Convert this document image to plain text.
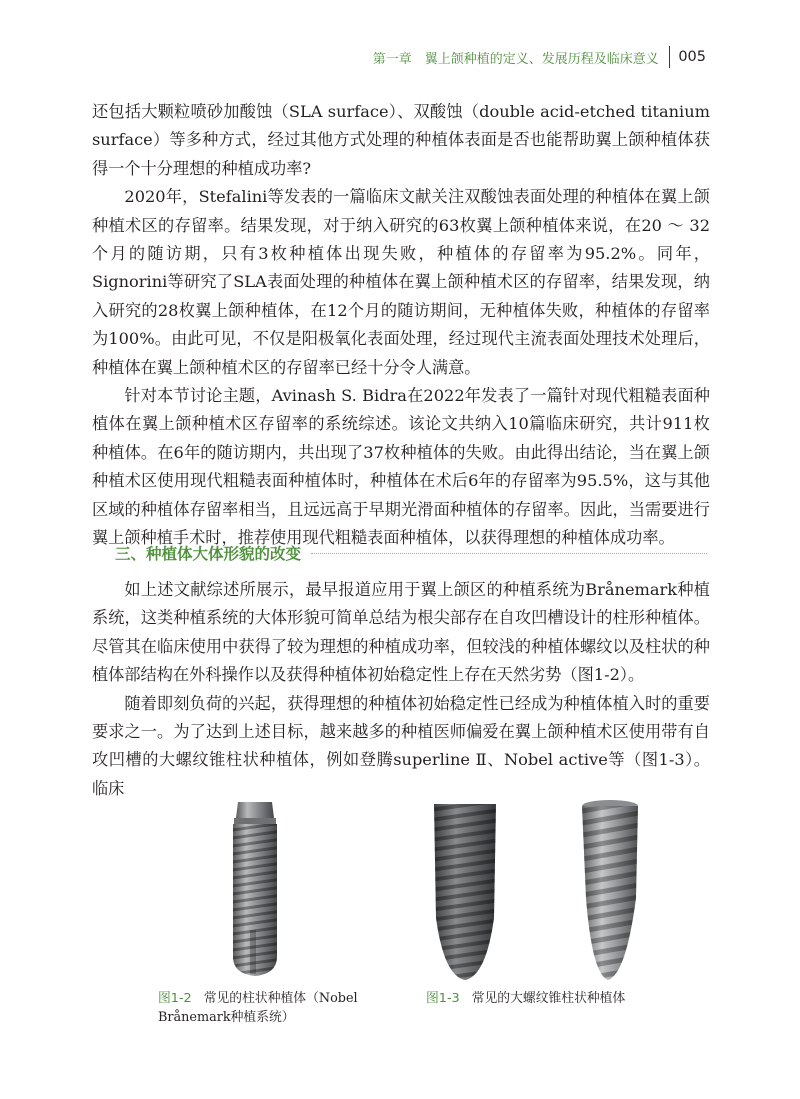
第一章　翼上颌种植的定义、发展历程及临床意义 005

还包括大颗粒喷砂加酸蚀（SLA surface）、双酸蚀（double acid-etched titanium surface）等多种方式，经过其他方式处理的种植体表面是否也能帮助翼上颌种植体获得一个十分理想的种植成功率?

2020年，Stefalini等发表的一篇临床文献关注双酸蚀表面处理的种植体在翼上颌种植术区的存留率。结果发现，对于纳入研究的63枚翼上颌种植体来说，在20 ～ 32个月的随访期，只有3枚种植体出现失败，种植体的存留率为95.2%。同年，Signorini等研究了SLA表面处理的种植体在翼上颌种植术区的存留率，结果发现，纳入研究的28枚翼上颌种植体，在12个月的随访期间，无种植体失败，种植体的存留率为100%。由此可见，不仅是阳极氧化表面处理，经过现代主流表面处理技术处理后，种植体在翼上颌种植术区的存留率已经十分令人满意。

针对本节讨论主题，Avinash S. Bidra在2022年发表了一篇针对现代粗糙表面种植体在翼上颌种植术区存留率的系统综述。该论文共纳入10篇临床研究，共计911枚种植体。在6年的随访期内，共出现了37枚种植体的失败。由此得出结论，当在翼上颌种植术区使用现代粗糙表面种植体时，种植体在术后6年的存留率为95.5%，这与其他区域的种植体存留率相当，且远远高于早期光滑面种植体的存留率。因此，当需要进行翼上颌种植手术时，推荐使用现代粗糙表面种植体，以获得理想的种植体成功率。

三、种植体大体形貌的改变

如上述文献综述所展示，最早报道应用于翼上颌区的种植系统为Brånemark种植系统，这类种植系统的大体形貌可简单总结为根尖部存在自攻凹槽设计的柱形种植体。尽管其在临床使用中获得了较为理想的种植成功率，但较浅的种植体螺纹以及柱状的种植体部结构在外科操作以及获得种植体初始稳定性上存在天然劣势（图1-2）。

随着即刻负荷的兴起，获得理想的种植体初始稳定性已经成为种植体植入时的重要要求之一。为了达到上述目标，越来越多的种植医师偏爱在翼上颌种植术区使用带有自攻凹槽的大螺纹锥柱状种植体，例如登腾superline Ⅱ、Nobel active等（图1-3）。临床

图1-2 常见的柱状种植体（Nobel Brånemark种植系统）
图1-3 常见的大螺纹锥柱状种植体
